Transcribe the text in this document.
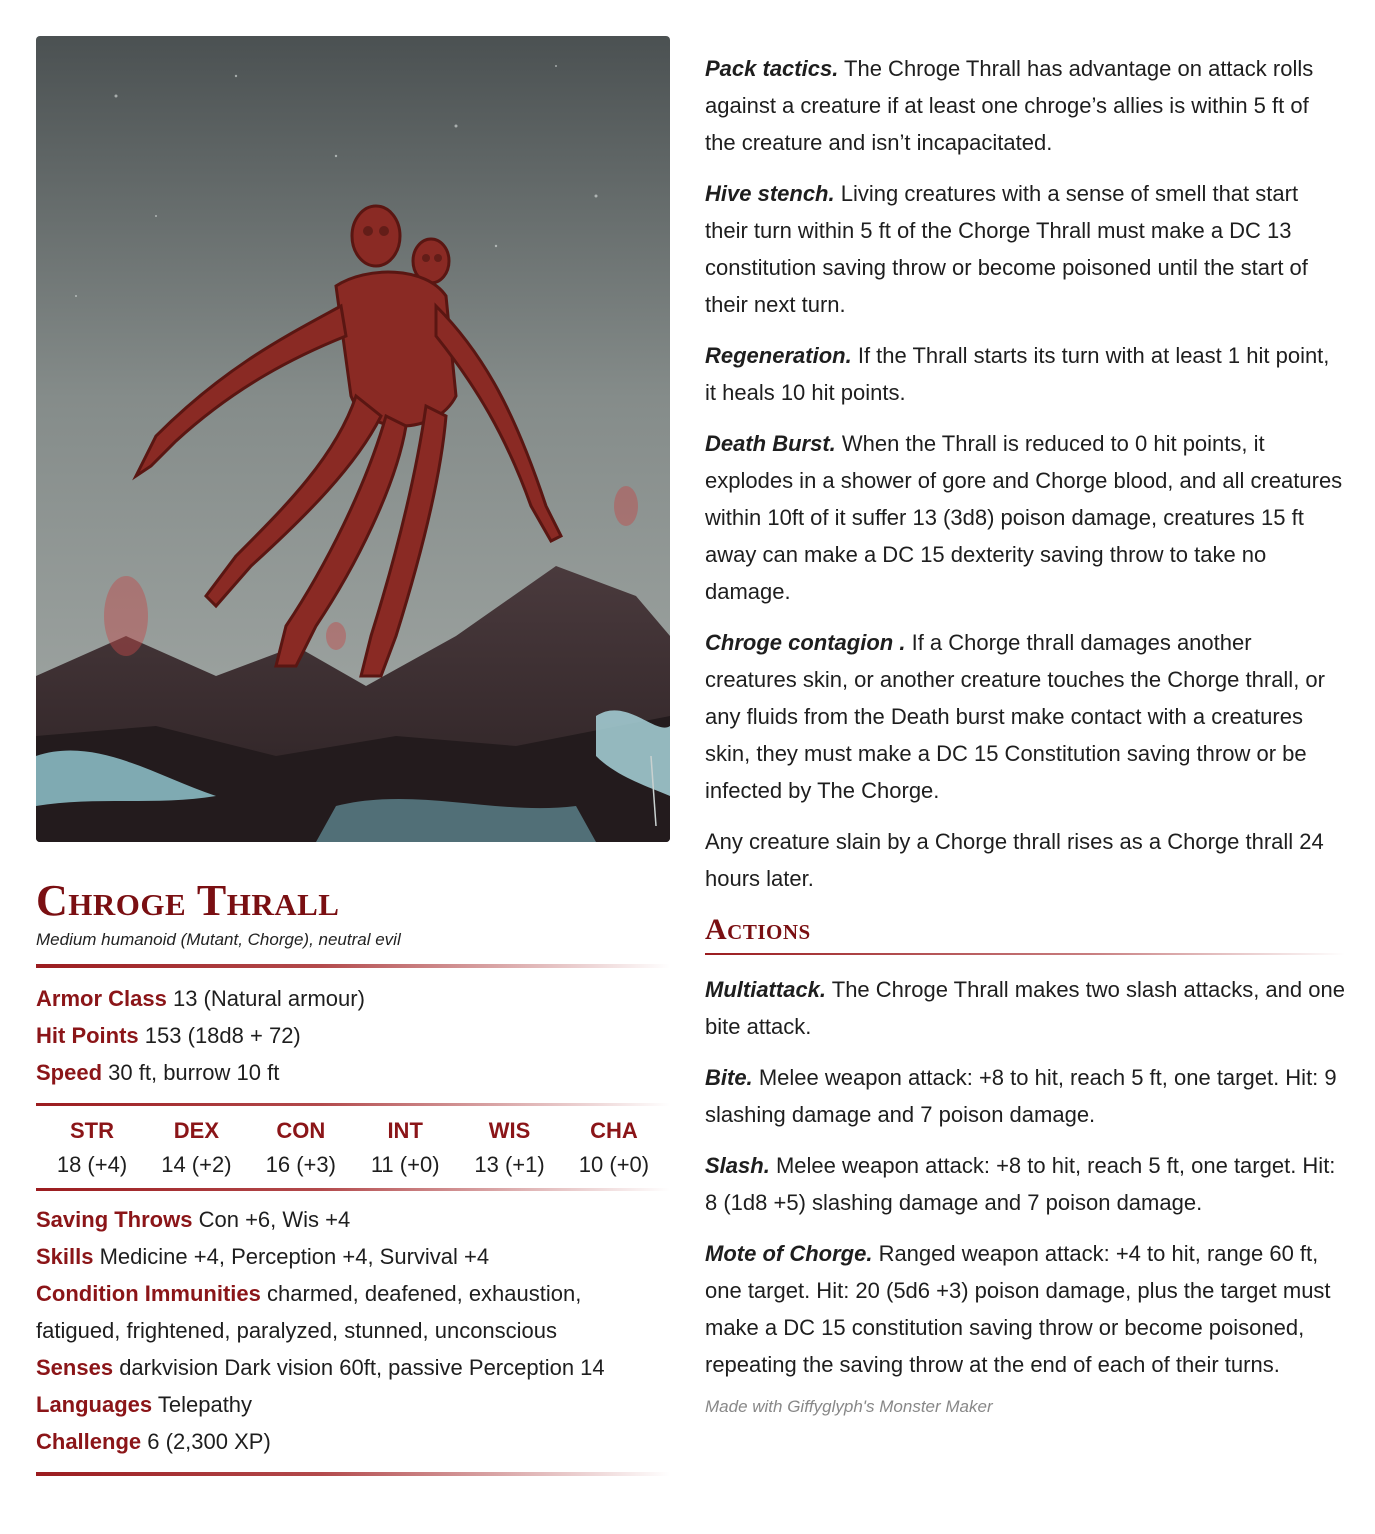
Chroge Thrall
Medium humanoid (Mutant, Chorge), neutral evil
Armor Class 13 (Natural armour)
Hit Points 153 (18d8 + 72)
Speed 30 ft, burrow 10 ft
STR
18 (+4)
DEX
14 (+2)
CON
16 (+3)
INT
11 (+0)
WIS
13 (+1)
CHA
10 (+0)
Saving Throws Con +6, Wis +4
Skills Medicine +4, Perception +4, Survival +4
Condition Immunities charmed, deafened, exhaustion, fatigued, frightened, paralyzed, stunned, unconscious
Senses darkvision Dark vision 60ft, passive Perception 14
Languages Telepathy
Challenge 6 (2,300 XP)

Pack tactics. The Chroge Thrall has advantage on attack rolls against a creature if at least one chroge’s allies is within 5 ft of the creature and isn’t incapacitated.

Hive stench. Living creatures with a sense of smell that start their turn within 5 ft of the Chorge Thrall must make a DC 13 constitution saving throw or become poisoned until the start of their next turn.

Regeneration. If the Thrall starts its turn with at least 1 hit point, it heals 10 hit points.

Death Burst. When the Thrall is reduced to 0 hit points, it explodes in a shower of gore and Chorge blood, and all creatures within 10ft of it suffer 13 (3d8) poison damage, creatures 15 ft away can make a DC 15 dexterity saving throw to take no damage.

Chroge contagion . If a Chorge thrall damages another creatures skin, or another creature touches the Chorge thrall, or any fluids from the Death burst make contact with a creatures skin, they must make a DC 15 Constitution saving throw or be infected by The Chorge.

Any creature slain by a Chorge thrall rises as a Chorge thrall 24 hours later.

Actions

Multiattack. The Chroge Thrall makes two slash attacks, and one bite attack.

Bite. Melee weapon attack: +8 to hit, reach 5 ft, one target. Hit: 9 slashing damage and 7 poison damage.

Slash. Melee weapon attack: +8 to hit, reach 5 ft, one target. Hit: 8 (1d8 +5) slashing damage and 7 poison damage.

Mote of Chorge. Ranged weapon attack: +4 to hit, range 60 ft, one target. Hit: 20 (5d6 +3) poison damage, plus the target must make a DC 15 constitution saving throw or become poisoned, repeating the saving throw at the end of each of their turns.

Made with Giffyglyph's Monster Maker
